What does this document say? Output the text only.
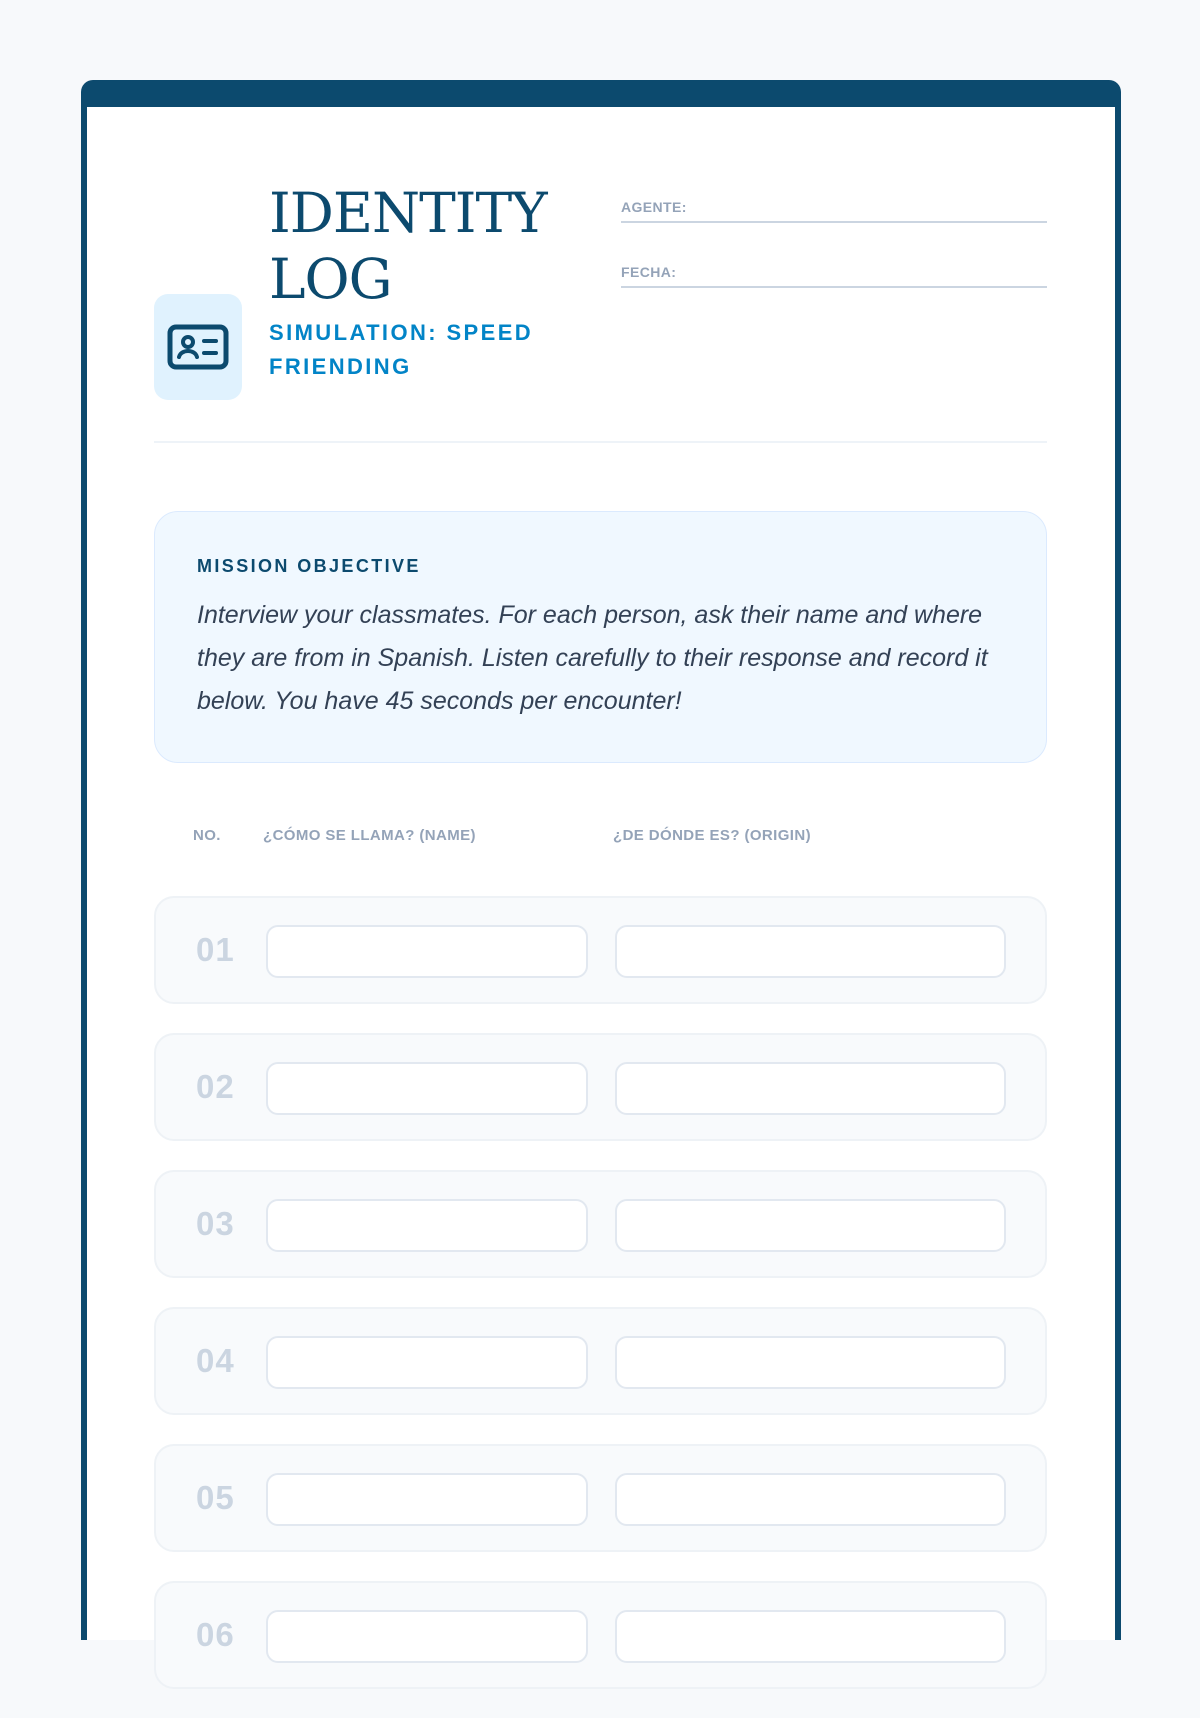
IDENTITY
LOG
SIMULATION: SPEED FRIENDING
AGENTE:
FECHA:
MISSION OBJECTIVE
Interview your classmates. For each person, ask their name and where they are from in Spanish. Listen carefully to their response and record it below. You have 45 seconds per encounter!
NO.	¿CÓMO SE LLAMA? (NAME)	¿DE DÓNDE ES? (ORIGIN)
01
02
03
04
05
06
